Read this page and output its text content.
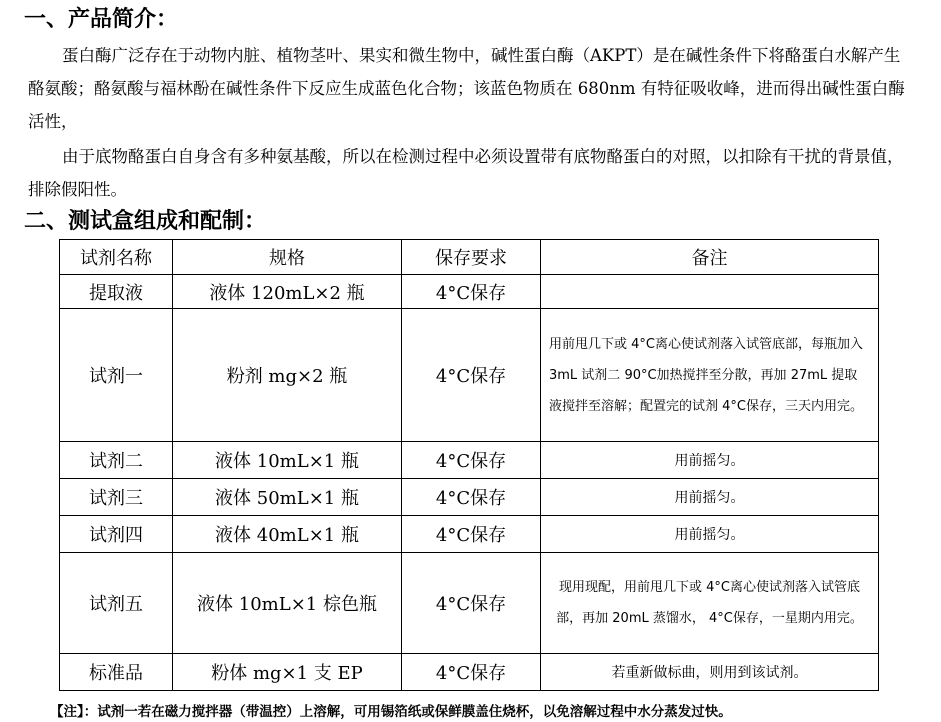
一、产品简介：

蛋白酶广泛存在于动物内脏、植物茎叶、果实和微生物中，碱性蛋白酶（AKPT）是在碱性条件下将酪蛋白水解产生酪氨酸；酪氨酸与福林酚在碱性条件下反应生成蓝色化合物；该蓝色物质在 680nm 有特征吸收峰，进而得出碱性蛋白酶活性，

由于底物酪蛋白自身含有多种氨基酸，所以在检测过程中必须设置带有底物酪蛋白的对照，以扣除有干扰的背景值，排除假阳性。

二、测试盒组成和配制：
试剂名称	规格	保存要求	备注
提取液	液体 120mL×2 瓶	4°C保存	
试剂一	粉剂 mg×2 瓶	4°C保存	用前甩几下或 4°C离心使试剂落入试管底部，每瓶加入 3mL 试剂二 90°C加热搅拌至分散，再加 27mL 提取液搅拌至溶解；配置完的试剂 4°C保存，三天内用完。
试剂二	液体 10mL×1 瓶	4°C保存	用前摇匀。
试剂三	液体 50mL×1 瓶	4°C保存	用前摇匀。
试剂四	液体 40mL×1 瓶	4°C保存	用前摇匀。
试剂五	液体 10mL×1 棕色瓶	4°C保存	现用现配，用前甩几下或 4°C离心使试剂落入试管底部，再加 20mL 蒸馏水， 4°C保存，一星期内用完。
标准品	粉体 mg×1 支 EP	4°C保存	若重新做标曲，则用到该试剂。

【注】：试剂一若在磁力搅拌器（带温控）上溶解，可用锡箔纸或保鲜膜盖住烧杯，以免溶解过程中水分蒸发过快。
